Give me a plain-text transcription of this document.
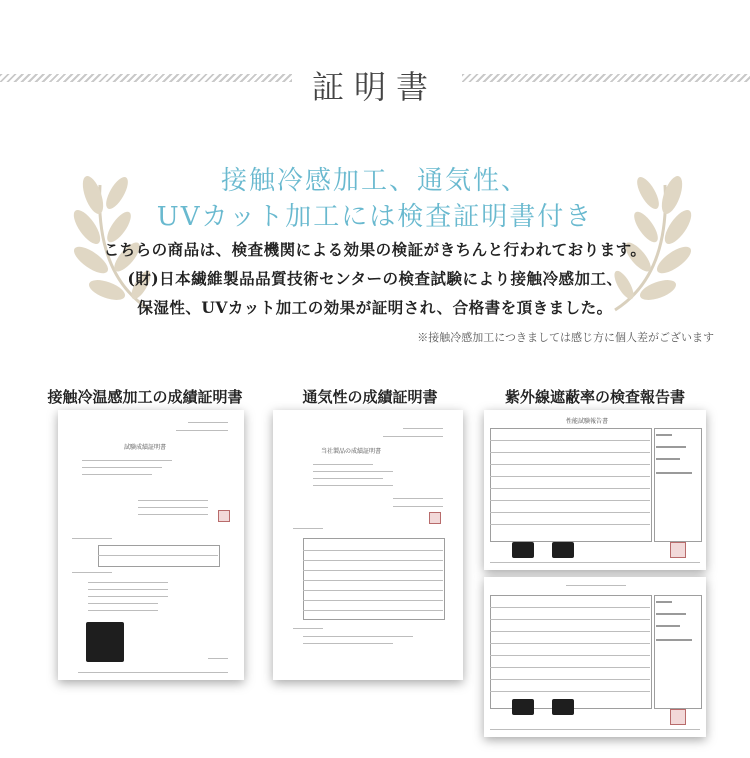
証明書
接触冷感加工、通気性、
UVカット加工には検査証明書付き
こちらの商品は、検査機関による効果の検証がきちんと行われております。
(財)日本繊維製品品質技術センターの検査試験により接触冷感加工、
保湿性、UVカット加工の効果が証明され、合格書を頂きました。
※接触冷感加工につきましては感じ方に個人差がございます
接触冷温感加工の成績証明書	通気性の成績証明書	紫外線遮蔽率の検査報告書
試験成績証明書
当社製品の成績証明書
性能試験報告書
